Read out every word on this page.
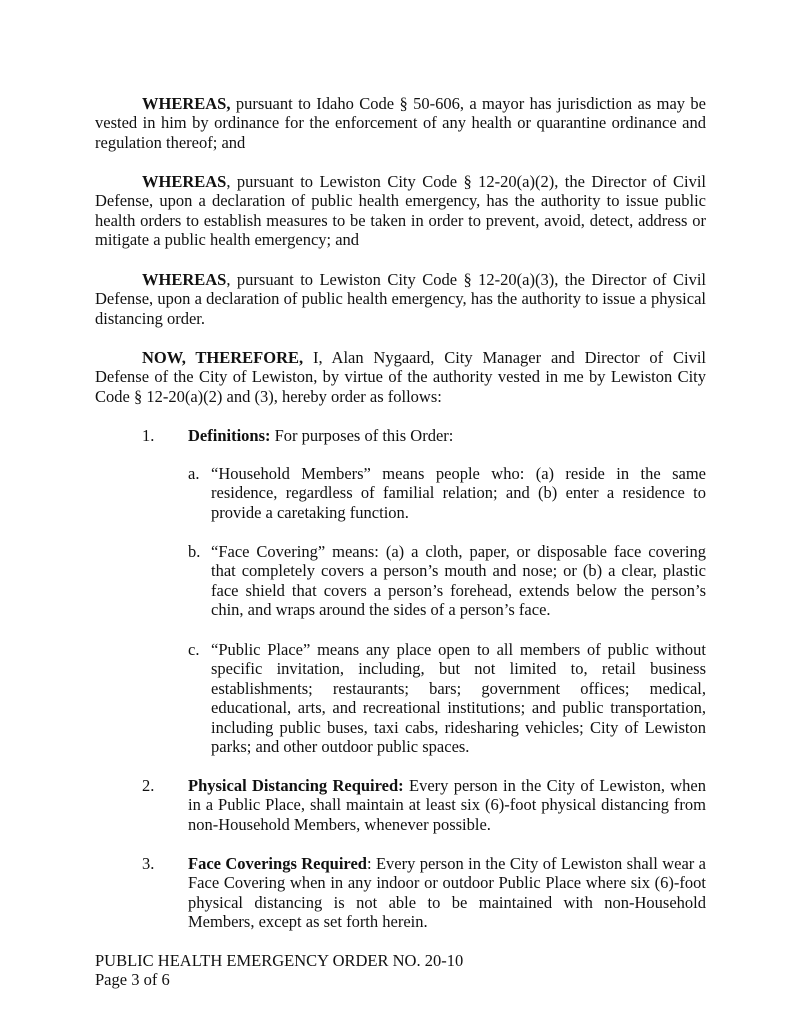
WHEREAS, pursuant to Idaho Code § 50-606, a mayor has jurisdiction as may be vested in him by ordinance for the enforcement of any health or quarantine ordinance and regulation thereof; and

WHEREAS, pursuant to Lewiston City Code § 12-20(a)(2), the Director of Civil Defense, upon a declaration of public health emergency, has the authority to issue public health orders to establish measures to be taken in order to prevent, avoid, detect, address or mitigate a public health emergency; and

WHEREAS, pursuant to Lewiston City Code § 12-20(a)(3), the Director of Civil Defense, upon a declaration of public health emergency, has the authority to issue a physical distancing order.

NOW, THEREFORE, I, Alan Nygaard, City Manager and Director of Civil Defense of the City of Lewiston, by virtue of the authority vested in me by Lewiston City Code § 12-20(a)(2) and (3), hereby order as follows:

1. Definitions: For purposes of this Order:
a. “Household Members” means people who: (a) reside in the same residence, regardless of familial relation; and (b) enter a residence to provide a caretaking function.
b. “Face Covering” means: (a) a cloth, paper, or disposable face covering that completely covers a person’s mouth and nose; or (b) a clear, plastic face shield that covers a person’s forehead, extends below the person’s chin, and wraps around the sides of a person’s face.
c. “Public Place” means any place open to all members of public without specific invitation, including, but not limited to, retail business establishments; restaurants; bars; government offices; medical, educational, arts, and recreational institutions; and public transportation, including public buses, taxi cabs, ridesharing vehicles; City of Lewiston parks; and other outdoor public spaces.
2. Physical Distancing Required: Every person in the City of Lewiston, when in a Public Place, shall maintain at least six (6)-foot physical distancing from non-Household Members, whenever possible.
3. Face Coverings Required: Every person in the City of Lewiston shall wear a Face Covering when in any indoor or outdoor Public Place where six (6)-foot physical distancing is not able to be maintained with non-Household Members, except as set forth herein.
PUBLIC HEALTH EMERGENCY ORDER NO. 20-10
Page 3 of 6
